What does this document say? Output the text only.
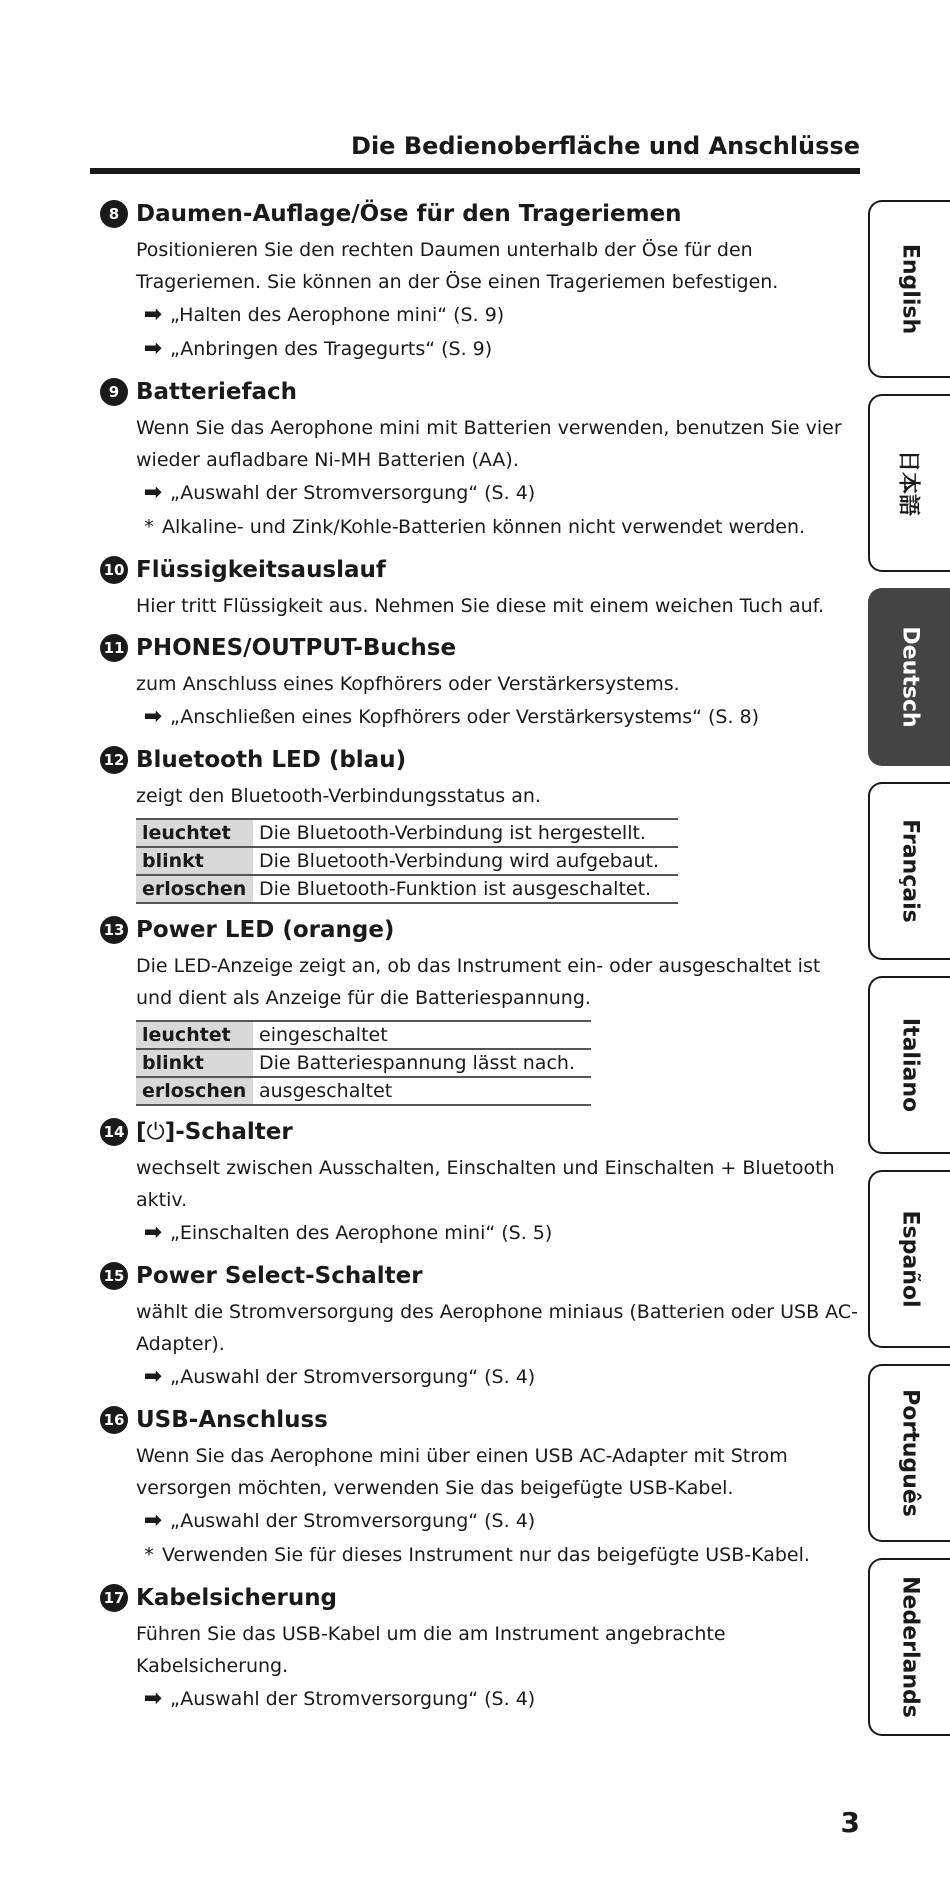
Die Bedienoberfläche und Anschlüsse
8 Daumen-Auflage/Öse für den Trageriemen
Positionieren Sie den rechten Daumen unterhalb der Öse für den Trageriemen. Sie können an der Öse einen Trageriemen befestigen.
➡ „Halten des Aerophone mini“ (S. 9)
➡ „Anbringen des Tragegurts“ (S. 9)
9 Batteriefach
Wenn Sie das Aerophone mini mit Batterien verwenden, benutzen Sie vier wieder aufladbare Ni-MH Batterien (AA).
➡ „Auswahl der Stromversorgung“ (S. 4)
* Alkaline- und Zink/Kohle-Batterien können nicht verwendet werden.
10 Flüssigkeitsauslauf
Hier tritt Flüssigkeit aus. Nehmen Sie diese mit einem weichen Tuch auf.
11 PHONES/OUTPUT-Buchse
zum Anschluss eines Kopfhörers oder Verstärkersystems.
➡ „Anschließen eines Kopfhörers oder Verstärkersystems“ (S. 8)
12 Bluetooth LED (blau)
zeigt den Bluetooth-Verbindungsstatus an.
leuchtet	Die Bluetooth-Verbindung ist hergestellt.
blinkt	Die Bluetooth-Verbindung wird aufgebaut.
erloschen	Die Bluetooth-Funktion ist ausgeschaltet.
13 Power LED (orange)
Die LED-Anzeige zeigt an, ob das Instrument ein- oder ausgeschaltet ist und dient als Anzeige für die Batteriespannung.
leuchtet	eingeschaltet
blinkt	Die Batteriespannung lässt nach.
erloschen	ausgeschaltet
14 [⏻]-Schalter
wechselt zwischen Ausschalten, Einschalten und Einschalten + Bluetooth aktiv.
➡ „Einschalten des Aerophone mini“ (S. 5)
15 Power Select-Schalter
wählt die Stromversorgung des Aerophone miniaus (Batterien oder USB AC-Adapter).
➡ „Auswahl der Stromversorgung“ (S. 4)
16 USB-Anschluss
Wenn Sie das Aerophone mini über einen USB AC-Adapter mit Strom versorgen möchten, verwenden Sie das beigefügte USB-Kabel.
➡ „Auswahl der Stromversorgung“ (S. 4)
* Verwenden Sie für dieses Instrument nur das beigefügte USB-Kabel.
17 Kabelsicherung
Führen Sie das USB-Kabel um die am Instrument angebrachte Kabelsicherung.
➡ „Auswahl der Stromversorgung“ (S. 4)
English
日本語
Deutsch
Français
Italiano
Español
Português
Nederlands
3
